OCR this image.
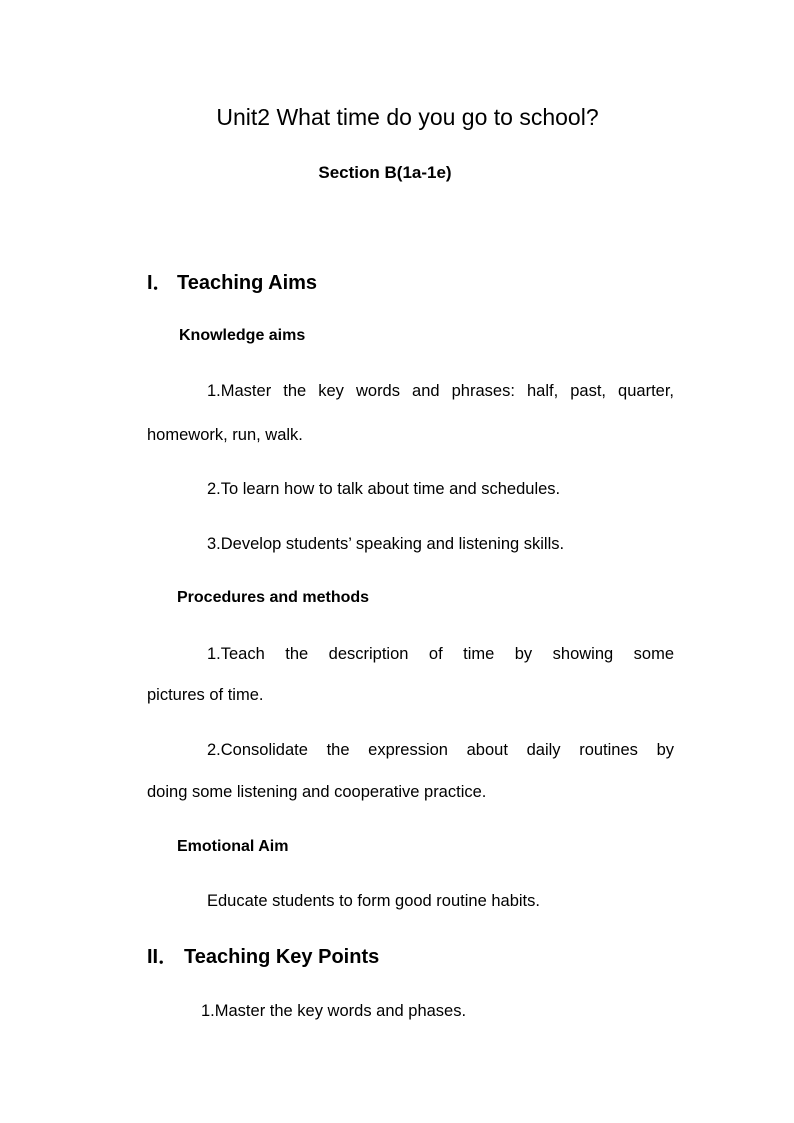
Unit2 What time do you go to school?
Section B(1a-1e)
I． Teaching Aims
Knowledge aims
1.Master the key words and phrases: half, past, quarter,
homework, run, walk.
2.To learn how to talk about time and schedules.
3.Develop students’ speaking and listening skills.
Procedures and methods
1.Teach the description of time by showing some
pictures of time.
2.Consolidate the expression about daily routines by
doing some listening and cooperative practice.
Emotional Aim
Educate students to form good routine habits.
II． Teaching Key Points
1.Master the key words and phases.
